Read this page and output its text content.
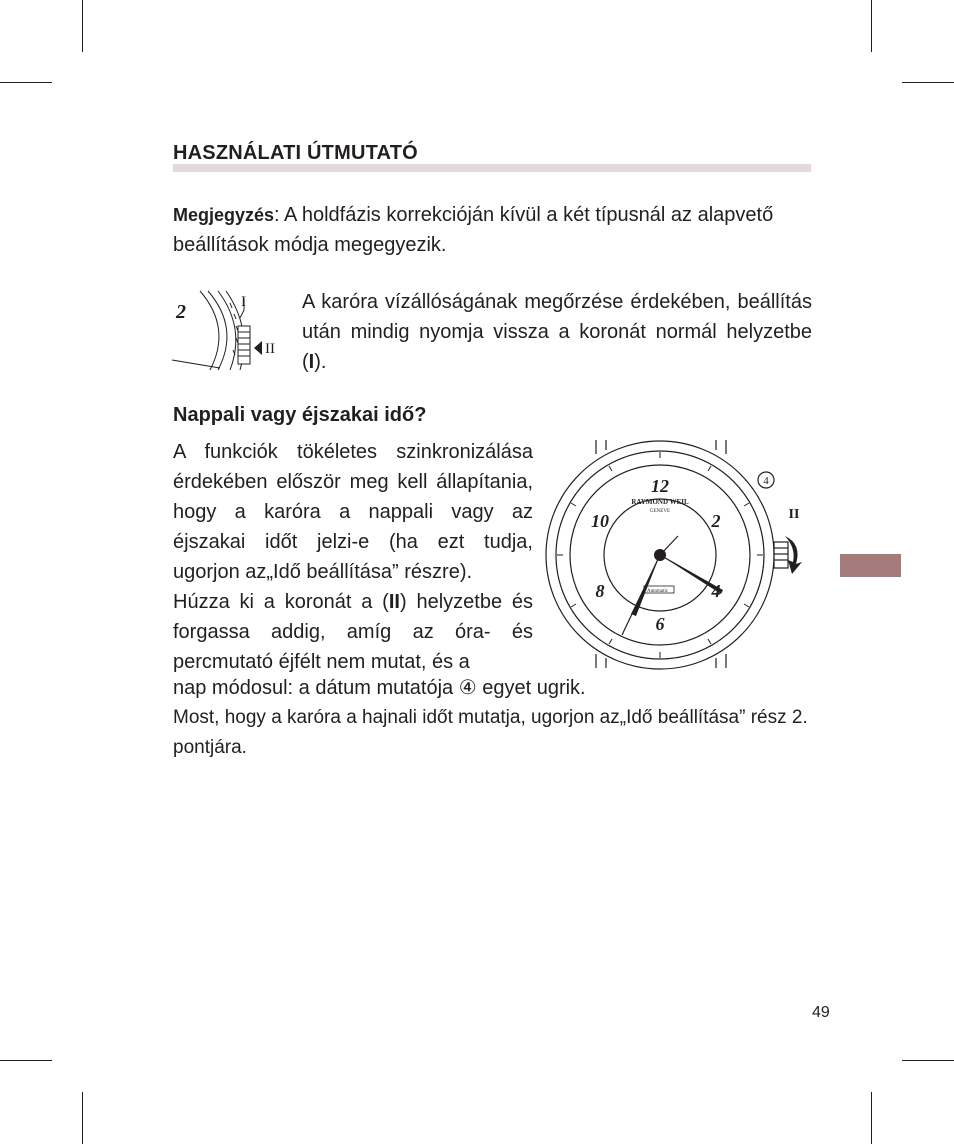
HASZNÁLATI ÚTMUTATÓ
Megjegyzés: A holdfázis korrekcióján kívül a két típusnál az alapvető beállítások módja megegyezik.
2	I
II
A karóra vízállóságának megőrzése érdekében, beállítás után mindig nyomja vissza a koronát normál helyzetbe (I).
Nappali vagy éjszakai idő?
A funkciók tökéletes szinkronizálása érdekében először meg kell állapítania, hogy a karóra a nappali vagy az éjszakai időt jelzi-e (ha ezt tudja, ugorjon az„Idő beállítása” részre).
Húzza ki a koronát a (II) helyzetbe és forgassa addig, amíg az óra- és percmutató éjfélt nem mutat, és a
nap módosul: a dátum mutatója ④ egyet ugrik.
Most, hogy a karóra a hajnali időt mutatja, ugorjon az„Idő beállítása” rész 2. pontjára.
Automatic
RAYMOND WEIL
GENEVE
12
2
4
6
8
10
4
II
49
